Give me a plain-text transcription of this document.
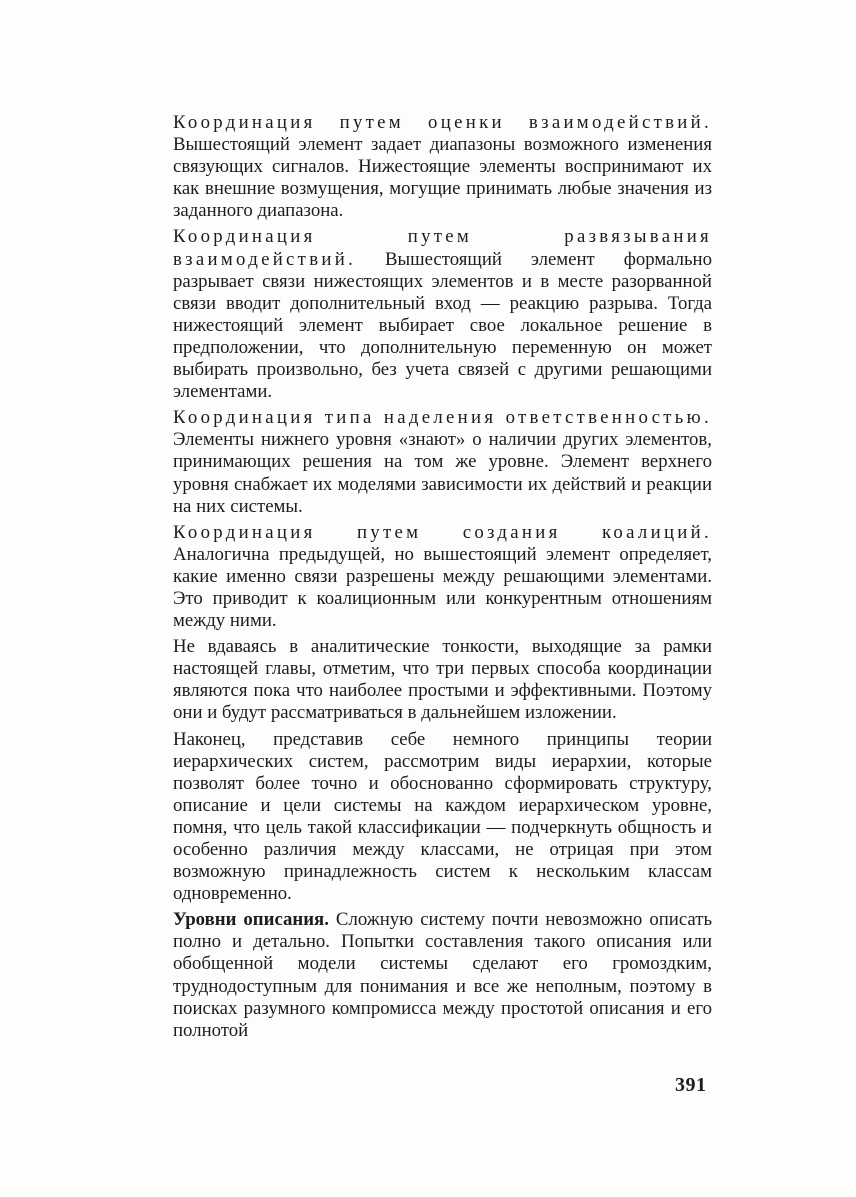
Координация путем оценки взаимодействий. Вышестоящий элемент задает диапазоны возможного изменения связующих сигналов. Нижестоящие элементы воспринимают их как внешние возмущения, могущие принимать любые значения из заданного диапазона.

Координация путем развязывания взаимодействий. Вышестоящий элемент формально разрывает связи нижестоящих элементов и в месте разорванной связи вводит дополнительный вход — реакцию разрыва. Тогда нижестоящий элемент выбирает свое локальное решение в предположении, что дополнительную переменную он может выбирать произвольно, без учета связей с другими решающими элементами.

Координация типа наделения ответственностью. Элементы нижнего уровня «знают» о наличии других элементов, принимающих решения на том же уровне. Элемент верхнего уровня снабжает их моделями зависимости их действий и реакции на них системы.

Координация путем создания коалиций. Аналогична предыдущей, но вышестоящий элемент определяет, какие именно связи разрешены между решающими элементами. Это приводит к коалиционным или конкурентным отношениям между ними.

Не вдаваясь в аналитические тонкости, выходящие за рамки настоящей главы, отметим, что три первых способа координации являются пока что наиболее простыми и эффективными. Поэтому они и будут рассматриваться в дальнейшем изложении.

Наконец, представив себе немного принципы теории иерархических систем, рассмотрим виды иерархии, которые позволят более точно и обоснованно сформировать структуру, описание и цели системы на каждом иерархическом уровне, помня, что цель такой классификации — подчеркнуть общность и особенно различия между классами, не отрицая при этом возможную принадлежность систем к нескольким классам одновременно.

Уровни описания. Сложную систему почти невозможно описать полно и детально. Попытки составления такого описания или обобщенной модели системы сделают его громоздким, труднодоступным для понимания и все же неполным, поэтому в поисках разумного компромисса между простотой описания и его полнотой

391
